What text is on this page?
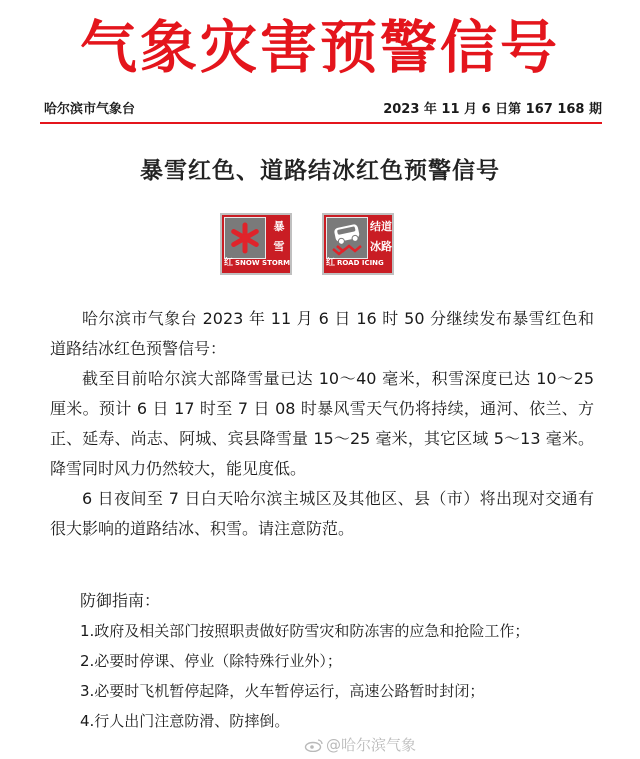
气象灾害预警信号
哈尔滨市气象台	2023 年 11 月 6 日第 167 168 期
暴雪红色、道路结冰红色预警信号
暴
雪
红 SNOW STORM
结道
冰路
红 ROAD ICING

哈尔滨市气象台 2023 年 11 月 6 日 16 时 50 分继续发布暴雪红色和道路结冰红色预警信号：

截至目前哈尔滨大部降雪量已达 10～40 毫米，积雪深度已达 10～25 厘米。预计 6 日 17 时至 7 日 08 时暴风雪天气仍将持续，通河、依兰、方正、延寿、尚志、阿城、宾县降雪量 15～25 毫米，其它区域 5～13 毫米。降雪同时风力仍然较大，能见度低。

6 日夜间至 7 日白天哈尔滨主城区及其他区、县（市）将出现对交通有很大影响的道路结冰、积雪。请注意防范。

防御指南：
1.政府及相关部门按照职责做好防雪灾和防冻害的应急和抢险工作；
2.必要时停课、停业（除特殊行业外）；
3.必要时飞机暂停起降，火车暂停运行，高速公路暂时封闭；
4.行人出门注意防滑、防摔倒。
@哈尔滨气象
